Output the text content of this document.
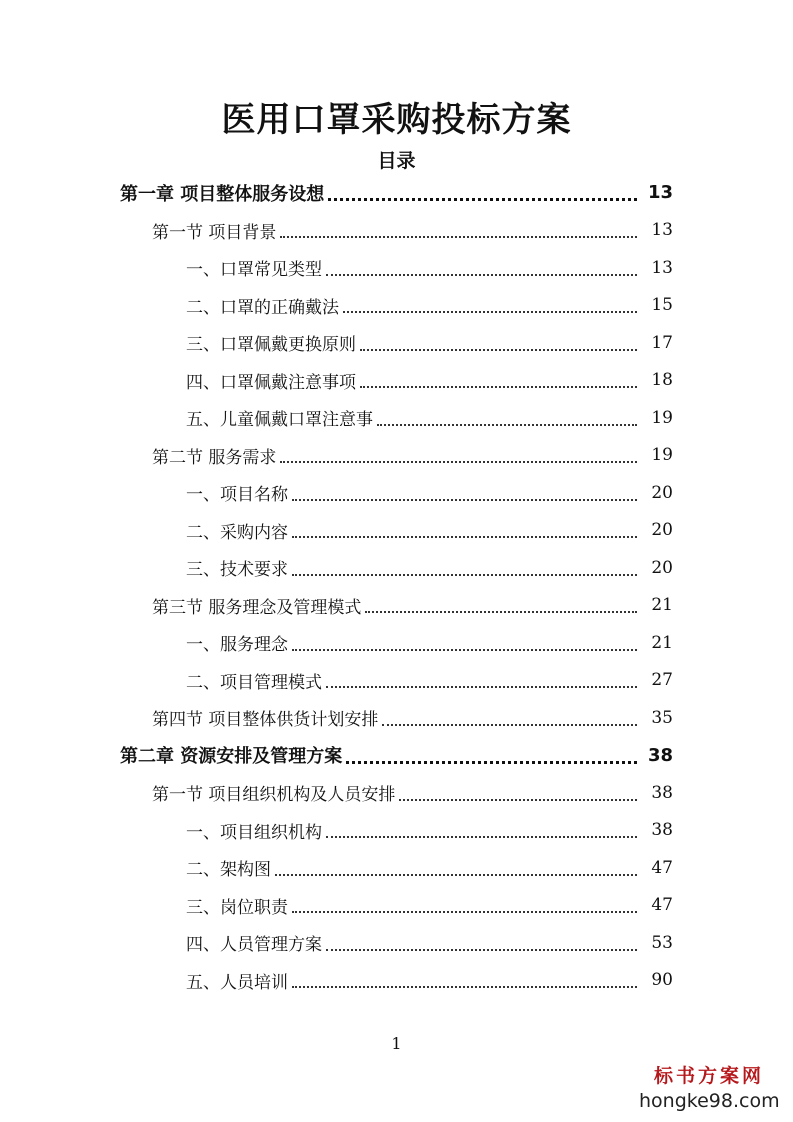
医用口罩采购投标方案
目录
第一章 项目整体服务设想	13
第一节 项目背景	13
一、口罩常见类型	13
二、口罩的正确戴法	15
三、口罩佩戴更换原则	17
四、口罩佩戴注意事项	18
五、儿童佩戴口罩注意事	19
第二节 服务需求	19
一、项目名称	20
二、采购内容	20
三、技术要求	20
第三节 服务理念及管理模式	21
一、服务理念	21
二、项目管理模式	27
第四节 项目整体供货计划安排	35
第二章 资源安排及管理方案	38
第一节 项目组织机构及人员安排	38
一、项目组织机构	38
二、架构图	47
三、岗位职责	47
四、人员管理方案	53
五、人员培训	90
1
标书方案网
hongke98.com
